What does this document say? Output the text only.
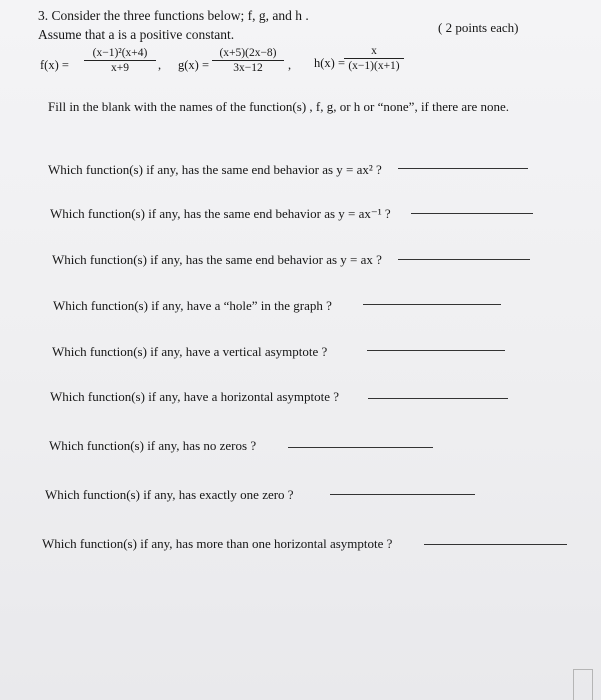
3. Consider the three functions below; f, g, and h .
Assume that a is a positive constant.	( 2 points each)
f(x) =
(x−1)²(x+4)
x+9	, g(x) =
(x+5)(2x−8)
3x−12	, h(x) =
x
(x−1)(x+1)
Fill in the blank with the names of the function(s) , f, g, or h or “none”, if there are none.
Which function(s) if any, has the same end behavior as y = ax² ?
Which function(s) if any, has the same end behavior as y = ax⁻¹ ?
Which function(s) if any, has the same end behavior as y = ax ?
Which function(s) if any, have a “hole” in the graph ?
Which function(s) if any, have a vertical asymptote ?
Which function(s) if any, have a horizontal asymptote ?
Which function(s) if any, has no zeros ?
Which function(s) if any, has exactly one zero ?
Which function(s) if any, has more than one horizontal asymptote ?
